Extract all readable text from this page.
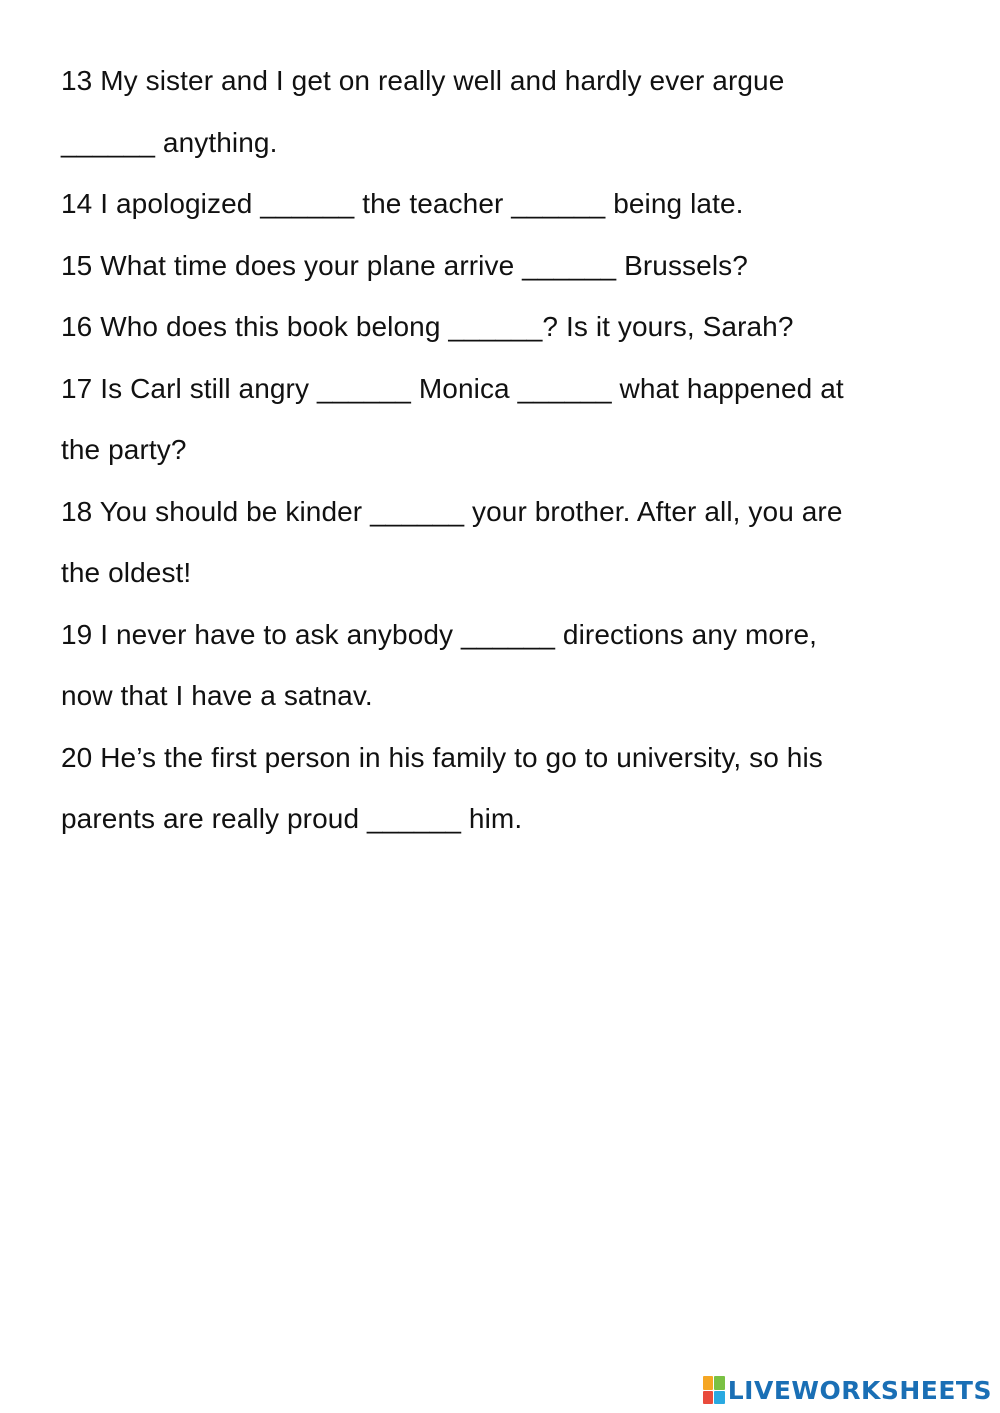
13 My sister and I get on really well and hardly ever argue
______ anything.
14 I apologized ______ the teacher ______ being late.
15 What time does your plane arrive ______ Brussels?
16 Who does this book belong ______? Is it yours, Sarah?
17 Is Carl still angry ______ Monica ______ what happened at
the party?
18 You should be kinder ______ your brother. After all, you are
the oldest!
19 I never have to ask anybody ______ directions any more,
now that I have a satnav.
20 He’s the first person in his family to go to university, so his
parents are really proud ______ him.
LIVEWORKSHEETS
